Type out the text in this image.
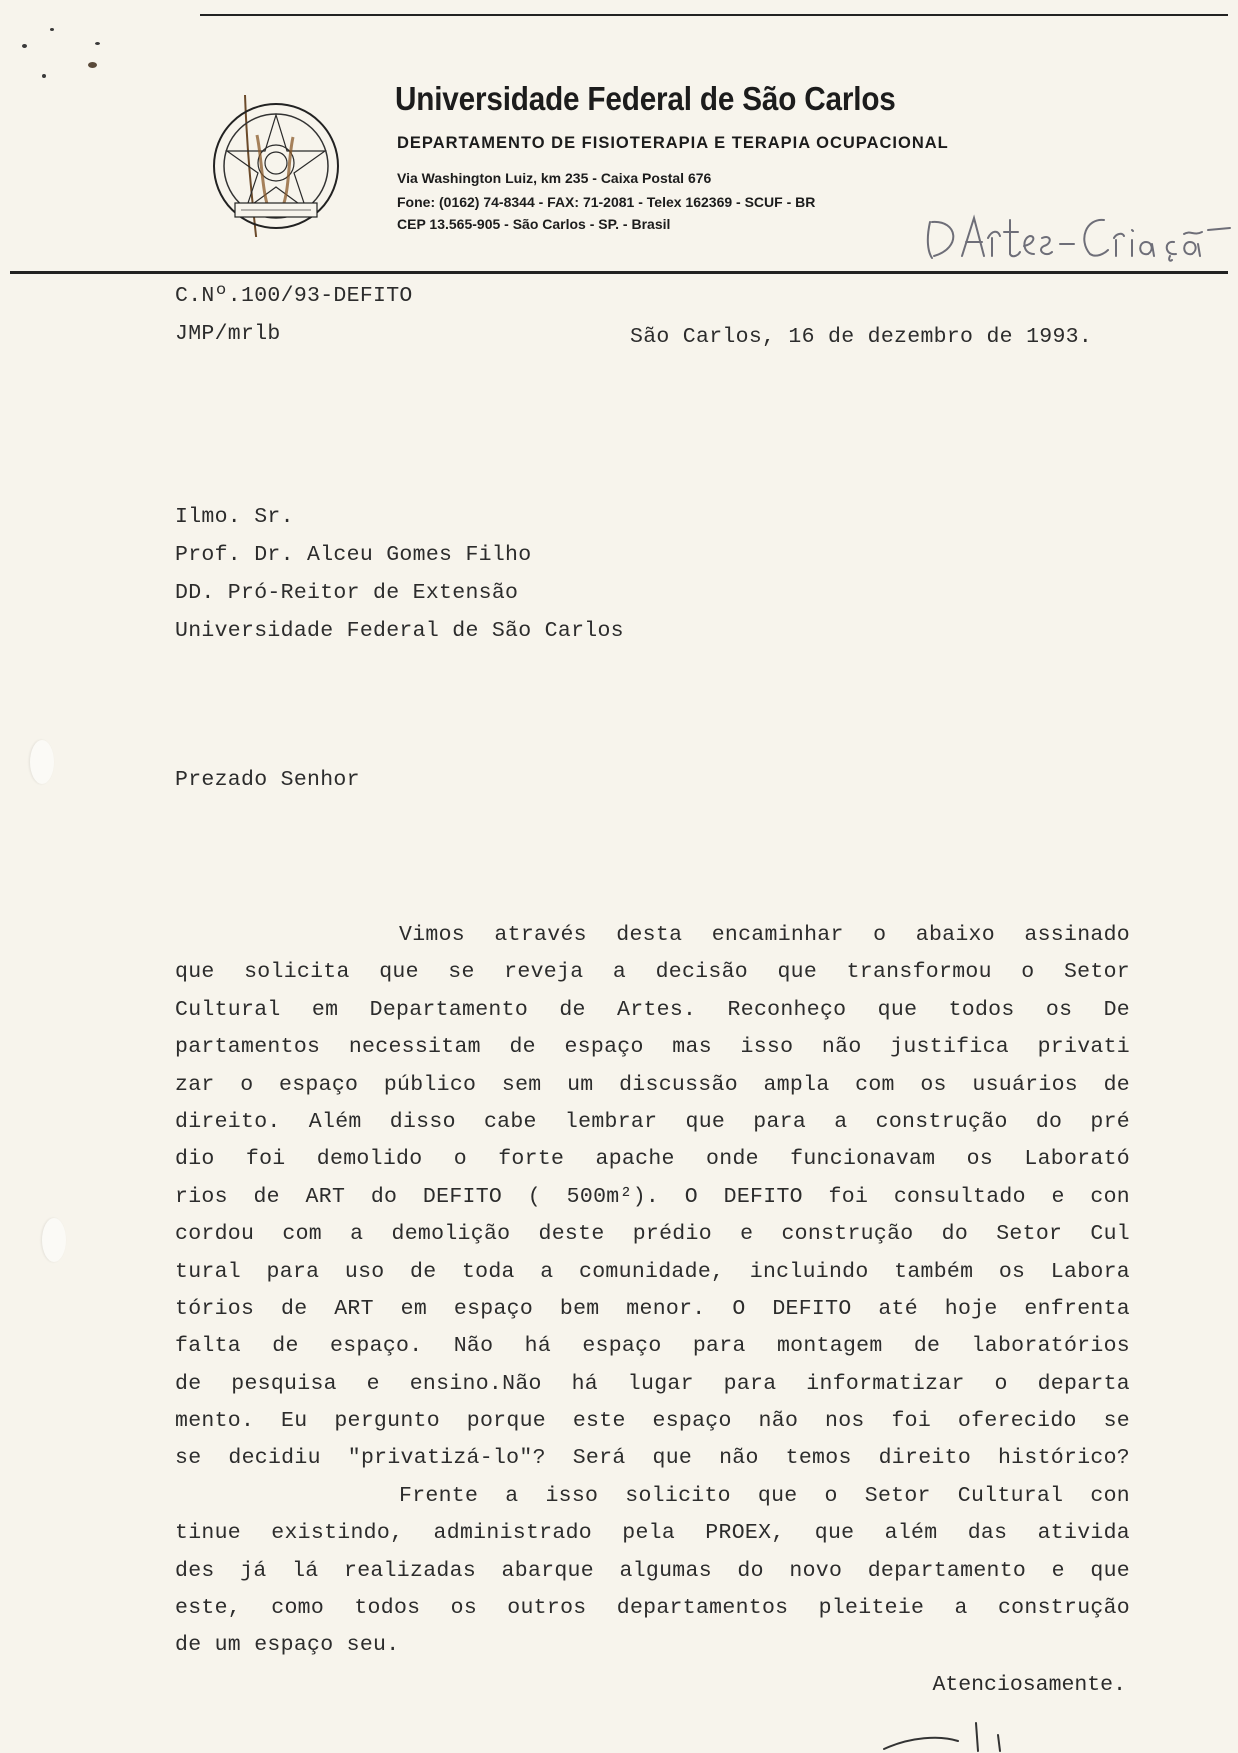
Universidade Federal de São Carlos
DEPARTAMENTO DE FISIOTERAPIA E TERAPIA OCUPACIONAL
Via Washington Luiz, km 235 - Caixa Postal 676
Fone: (0162) 74-8344 - FAX: 71-2081 - Telex 162369 - SCUF - BR
CEP 13.565-905 - São Carlos - SP. - Brasil
C.Nº.100/93-DEFITO
JMP/mrlb	São Carlos, 16 de dezembro de 1993.
Ilmo. Sr.
Prof. Dr. Alceu Gomes Filho
DD. Pró-Reitor de Extensão
Universidade Federal de São Carlos
Prezado Senhor
Vimos através desta encaminhar o abaixo assinado
que solicita que se reveja a decisão que transformou o Setor
Cultural em Departamento de Artes. Reconheço que todos os De
partamentos necessitam de espaço mas isso não justifica privati
zar o espaço público sem um discussão ampla com os usuários de
direito. Além disso cabe lembrar que para a construção do pré
dio foi demolido o forte apache onde funcionavam os Laborató
rios de ART do DEFITO ( 500m²). O DEFITO foi consultado e con
cordou com a demolição deste prédio e construção do Setor Cul
tural para uso de toda a comunidade, incluindo também os Labora
tórios de ART em espaço bem menor. O DEFITO até hoje enfrenta
falta de espaço. Não há espaço para montagem de laboratórios
de pesquisa e ensino.Não há lugar para informatizar o departa
mento. Eu pergunto porque este espaço não nos foi oferecido se
se decidiu "privatizá-lo"? Será que não temos direito histórico?
Frente a isso solicito que o Setor Cultural con
tinue existindo, administrado pela PROEX, que além das ativida
des já lá realizadas abarque algumas do novo departamento e que
este, como todos os outros departamentos pleiteie a construção
de um espaço seu.
Atenciosamente.
